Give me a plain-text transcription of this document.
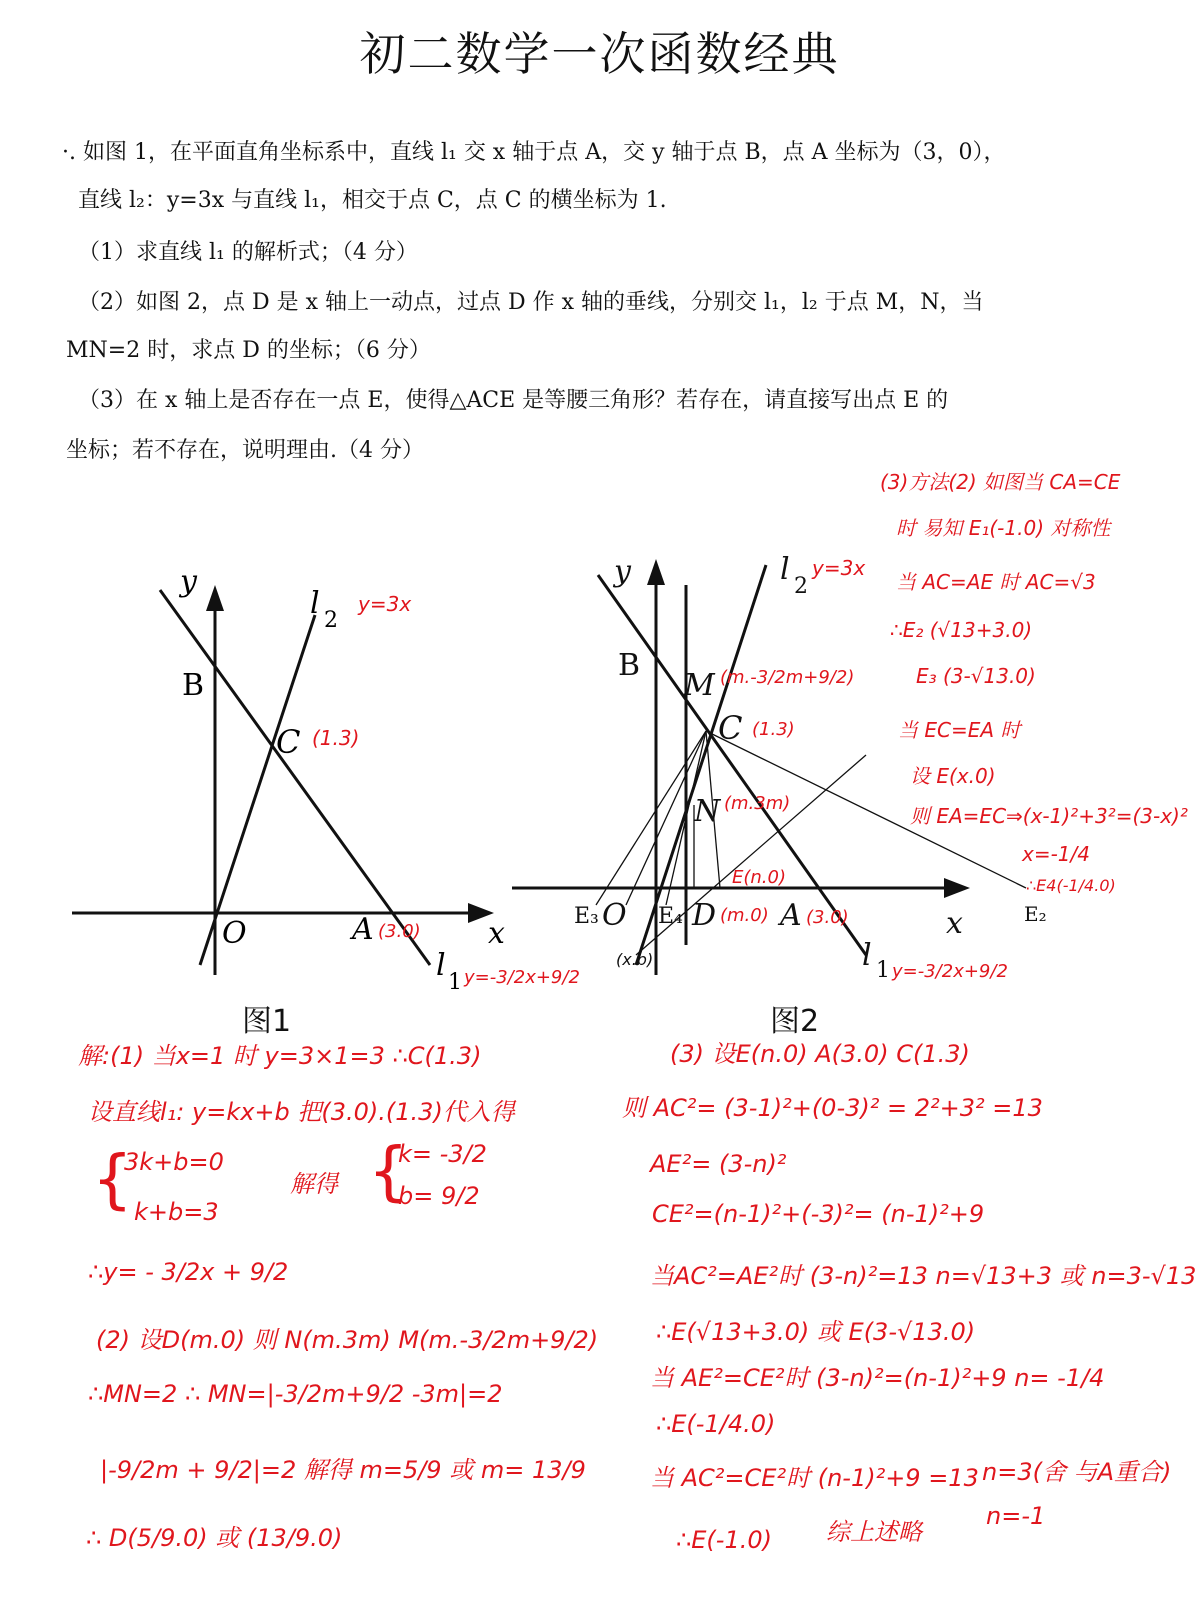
初二数学一次函数经典
·. 如图 1，在平面直角坐标系中，直线 l₁ 交 x 轴于点 A，交 y 轴于点 B，点 A 坐标为（3，0），
直线 l₂：y=3x 与直线 l₁，相交于点 C，点 C 的横坐标为 1.
（1）求直线 l₁ 的解析式；（4 分）
（2）如图 2，点 D 是 x 轴上一动点，过点 D 作 x 轴的垂线，分别交 l₁，l₂ 于点 M，N，当
MN=2 时，求点 D 的坐标；（6 分）
（3）在 x 轴上是否存在一点 E，使得△ACE 是等腰三角形？若存在，请直接写出点 E 的
坐标；若不存在，说明理由.（4 分）
(3)方法(2) 如图当 CA=CE
时 易知 E₁(-1.0) 对称性
当 AC=AE 时 AC=√3
∴E₂ (√13+3.0)
E₃ (3-√13.0)
当 EC=EA 时
设 E(x.0)
则 EA=EC⇒(x-1)²+3²=(3-x)²
x=-1/4
y
x
B
C
O	A
l 2
l 1
y=3x
(1.3)
(3.0)
y=-3/2x+9/2
图1
y
x
B
M
C
N
O D A
E₃	E₄	E₂
l 2
l 1
y=3x
(m.-3/2m+9/2)
(1.3)
(m.3m)
E(n.0)
(m.0) (3.0)
y=-3/2x+9/2
(x.b)
∴E4(-1/4.0)
图2
解:(1) 当x=1 时 y=3×1=3 ∴C(1.3)
设直线l₁: y=kx+b 把(3.0).(1.3)代入得
{
3k+b=0
k+b=3
解得 {
k= -3/2
b= 9/2
∴y= - 3/2x + 9/2
(2) 设D(m.0) 则 N(m.3m) M(m.-3/2m+9/2)
∴MN=2 ∴ MN=|-3/2m+9/2 -3m|=2
|-9/2m + 9/2|=2 解得 m=5/9 或 m= 13/9
∴ D(5/9.0) 或 (13/9.0)
(3) 设E(n.0) A(3.0) C(1.3)
则 AC²= (3-1)²+(0-3)² = 2²+3² =13
AE²= (3-n)²
CE²=(n-1)²+(-3)²= (n-1)²+9
当AC²=AE²时 (3-n)²=13 n=√13+3 或 n=3-√13
∴E(√13+3.0) 或 E(3-√13.0)
当 AE²=CE²时 (3-n)²=(n-1)²+9 n= -1/4
∴E(-1/4.0)
当 AC²=CE²时 (n-1)²+9 =13 n=3(舍 与A重合)
n=-1
∴E(-1.0) 综上述略
